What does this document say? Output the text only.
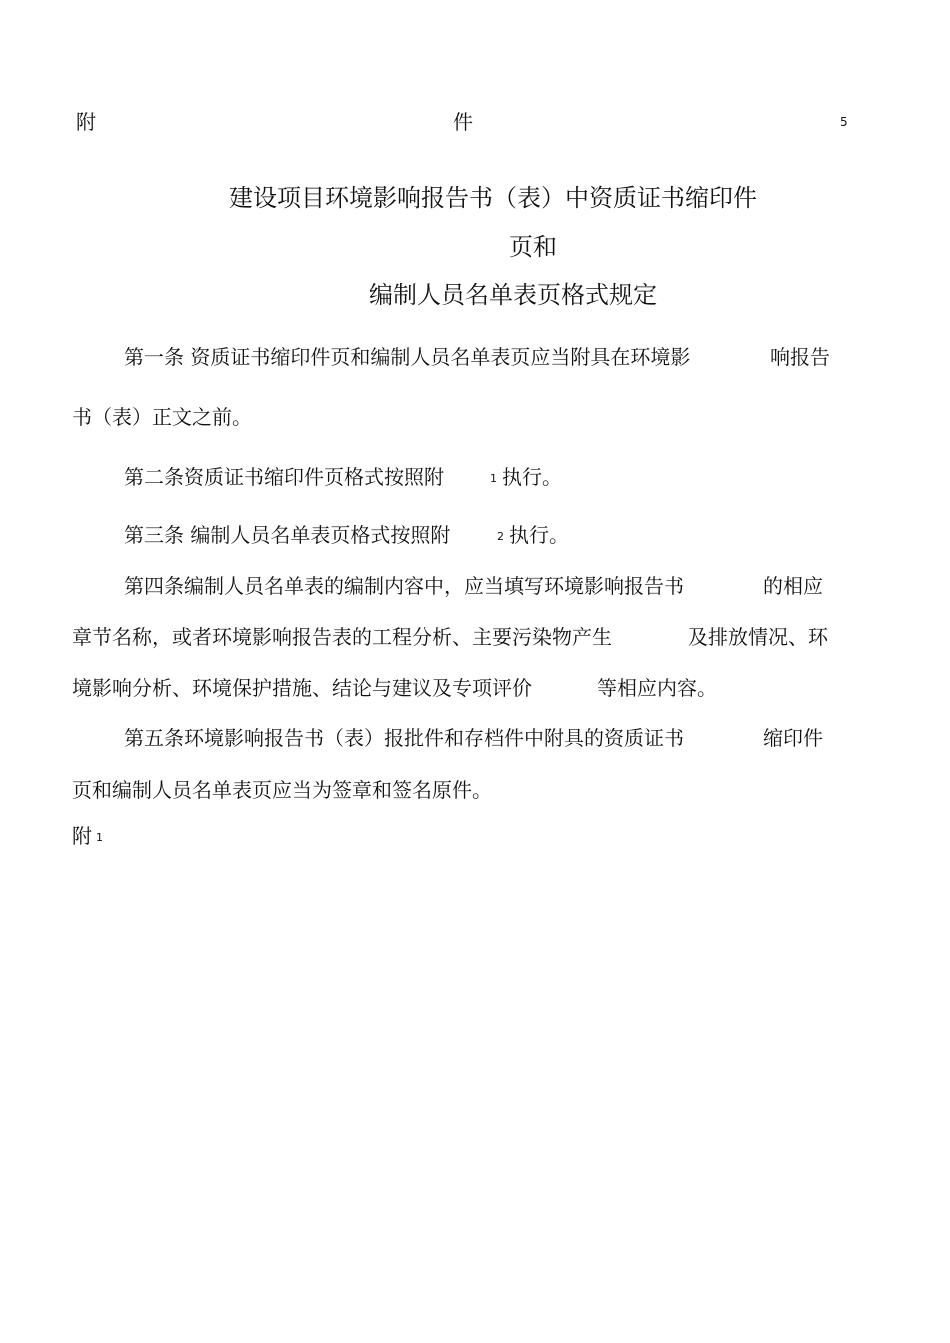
附	件	5
建设项目环境影响报告书（表）中资质证书缩印件
页和
编制人员名单表页格式规定
第一条 资质证书缩印件页和编制人员名单表页应当附具在环境影	响报告
书（表）正文之前。
第二条资质证书缩印件页格式按照附	1 执行。
第三条 编制人员名单表页格式按照附	2 执行。
第四条编制人员名单表的编制内容中，应当填写环境影响报告书	的相应
章节名称，或者环境影响报告表的工程分析、主要污染物产生	及排放情况、环
境影响分析、环境保护措施、结论与建议及专项评价	等相应内容。
第五条环境影响报告书（表）报批件和存档件中附具的资质证书	缩印件
页和编制人员名单表页应当为签章和签名原件。
附 1
